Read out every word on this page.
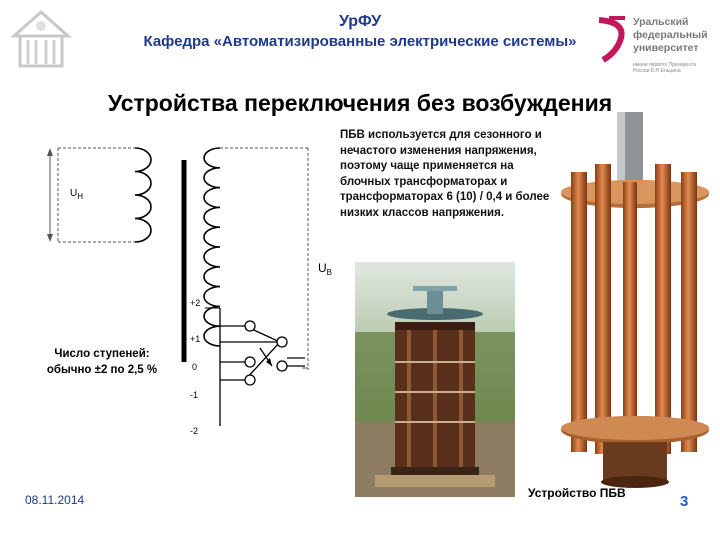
УрФУ
Кафедра «Автоматизированные электрические системы»
Уральский
федеральный
университет
имени первого Президента России Б.Н.Ельцина
Устройства переключения без возбуждения
ПБВ используется для сезонного и нечастого изменения напряжения, поэтому чаще применяется на блочных трансформаторах и трансформаторах 6 (10) / 0,4 и более низких классов напряжения.
$U_Н$
$U_В$
+2
+1
0
-1
-2
Число ступеней:
обычно ±2 по 2,5 %
Устройство ПБВ
08.11.2014	3
